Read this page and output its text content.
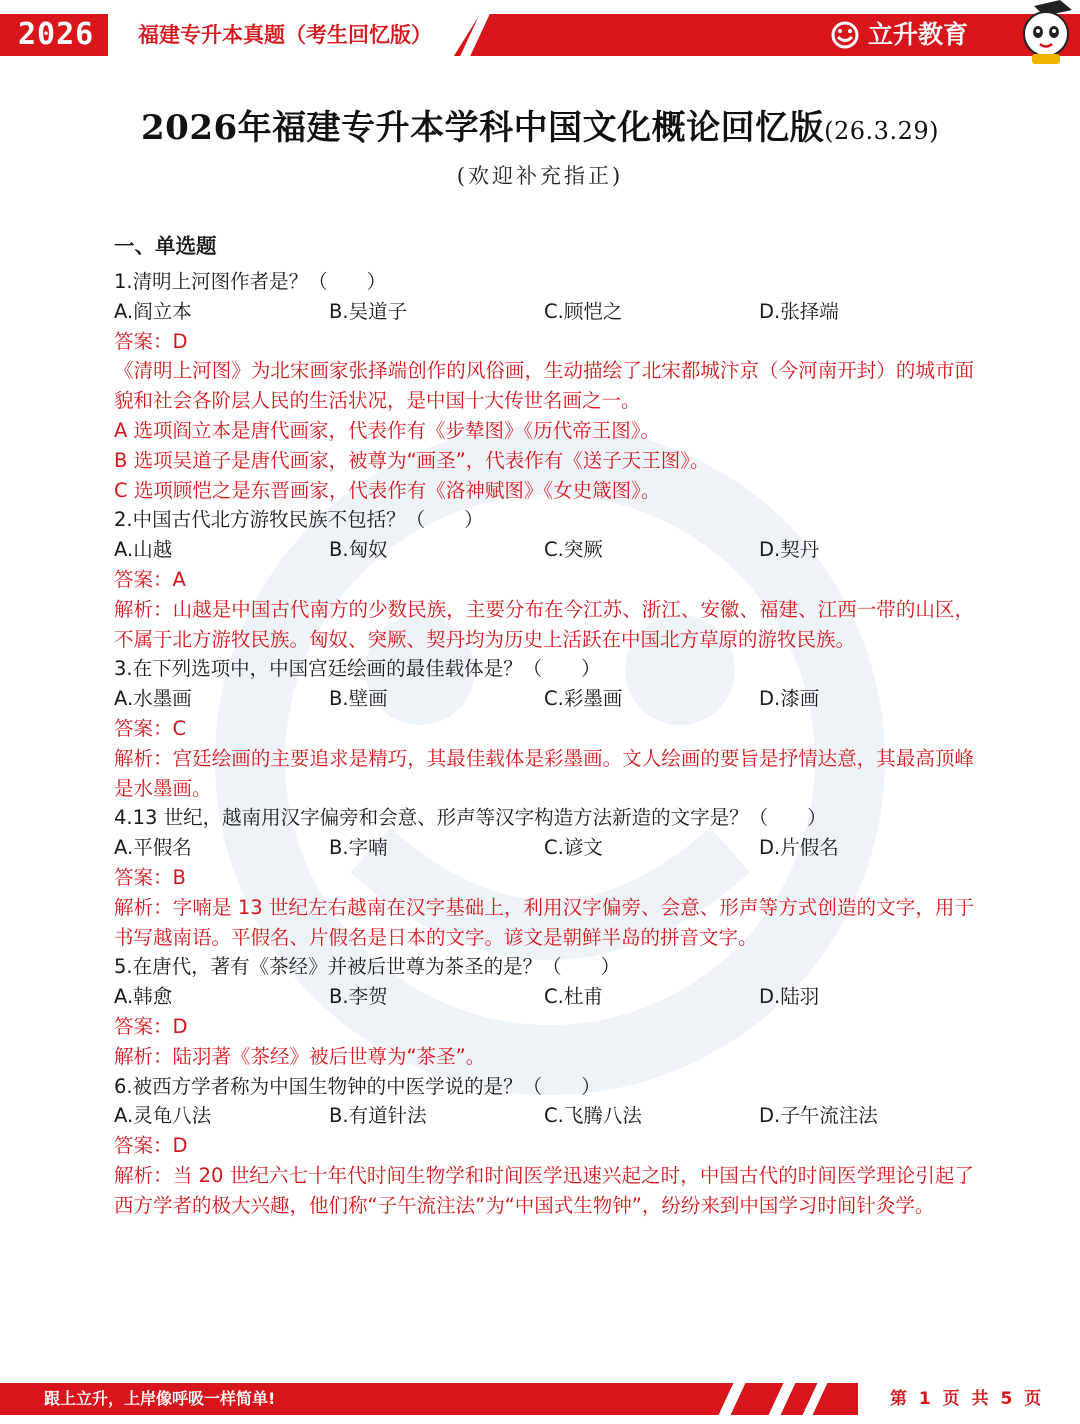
2026 福建专升本真题（考生回忆版）	立升教育
2026年福建专升本学科中国文化概论回忆版(26.3.29)
(欢迎补充指正)
一、单选题
1.清明上河图作者是？（　　）
A.阎立本	B.吴道子	C.顾恺之	D.张择端
答案：D
《清明上河图》为北宋画家张择端创作的风俗画，生动描绘了北宋都城汴京（今河南开封）的城市面貌和社会各阶层人民的生活状况，是中国十大传世名画之一。
A 选项阎立本是唐代画家，代表作有《步辇图》《历代帝王图》。
B 选项吴道子是唐代画家，被尊为“画圣”，代表作有《送子天王图》。
C 选项顾恺之是东晋画家，代表作有《洛神赋图》《女史箴图》。
2.中国古代北方游牧民族不包括？（　　）
A.山越	B.匈奴	C.突厥	D.契丹
答案：A
解析：山越是中国古代南方的少数民族，主要分布在今江苏、浙江、安徽、福建、江西一带的山区，不属于北方游牧民族。匈奴、突厥、契丹均为历史上活跃在中国北方草原的游牧民族。
3.在下列选项中，中国宫廷绘画的最佳载体是？（　　）
A.水墨画	B.壁画	C.彩墨画	D.漆画
答案：C
解析：宫廷绘画的主要追求是精巧，其最佳载体是彩墨画。文人绘画的要旨是抒情达意，其最高顶峰是水墨画。
4.13 世纪，越南用汉字偏旁和会意、形声等汉字构造方法新造的文字是？（　　）
A.平假名	B.字喃	C.谚文	D.片假名
答案：B
解析：字喃是 13 世纪左右越南在汉字基础上，利用汉字偏旁、会意、形声等方式创造的文字，用于书写越南语。平假名、片假名是日本的文字。谚文是朝鲜半岛的拼音文字。
5.在唐代，著有《茶经》并被后世尊为茶圣的是？（　　）
A.韩愈	B.李贺	C.杜甫	D.陆羽
答案：D
解析：陆羽著《茶经》被后世尊为“茶圣”。
6.被西方学者称为中国生物钟的中医学说的是？（　　）
A.灵龟八法	B.有道针法	C.飞腾八法	D.子午流注法
答案：D
解析：当 20 世纪六七十年代时间生物学和时间医学迅速兴起之时，中国古代的时间医学理论引起了西方学者的极大兴趣，他们称“子午流注法”为“中国式生物钟”，纷纷来到中国学习时间针灸学。
跟上立升，上岸像呼吸一样简单!	第 1 页 共 5 页
